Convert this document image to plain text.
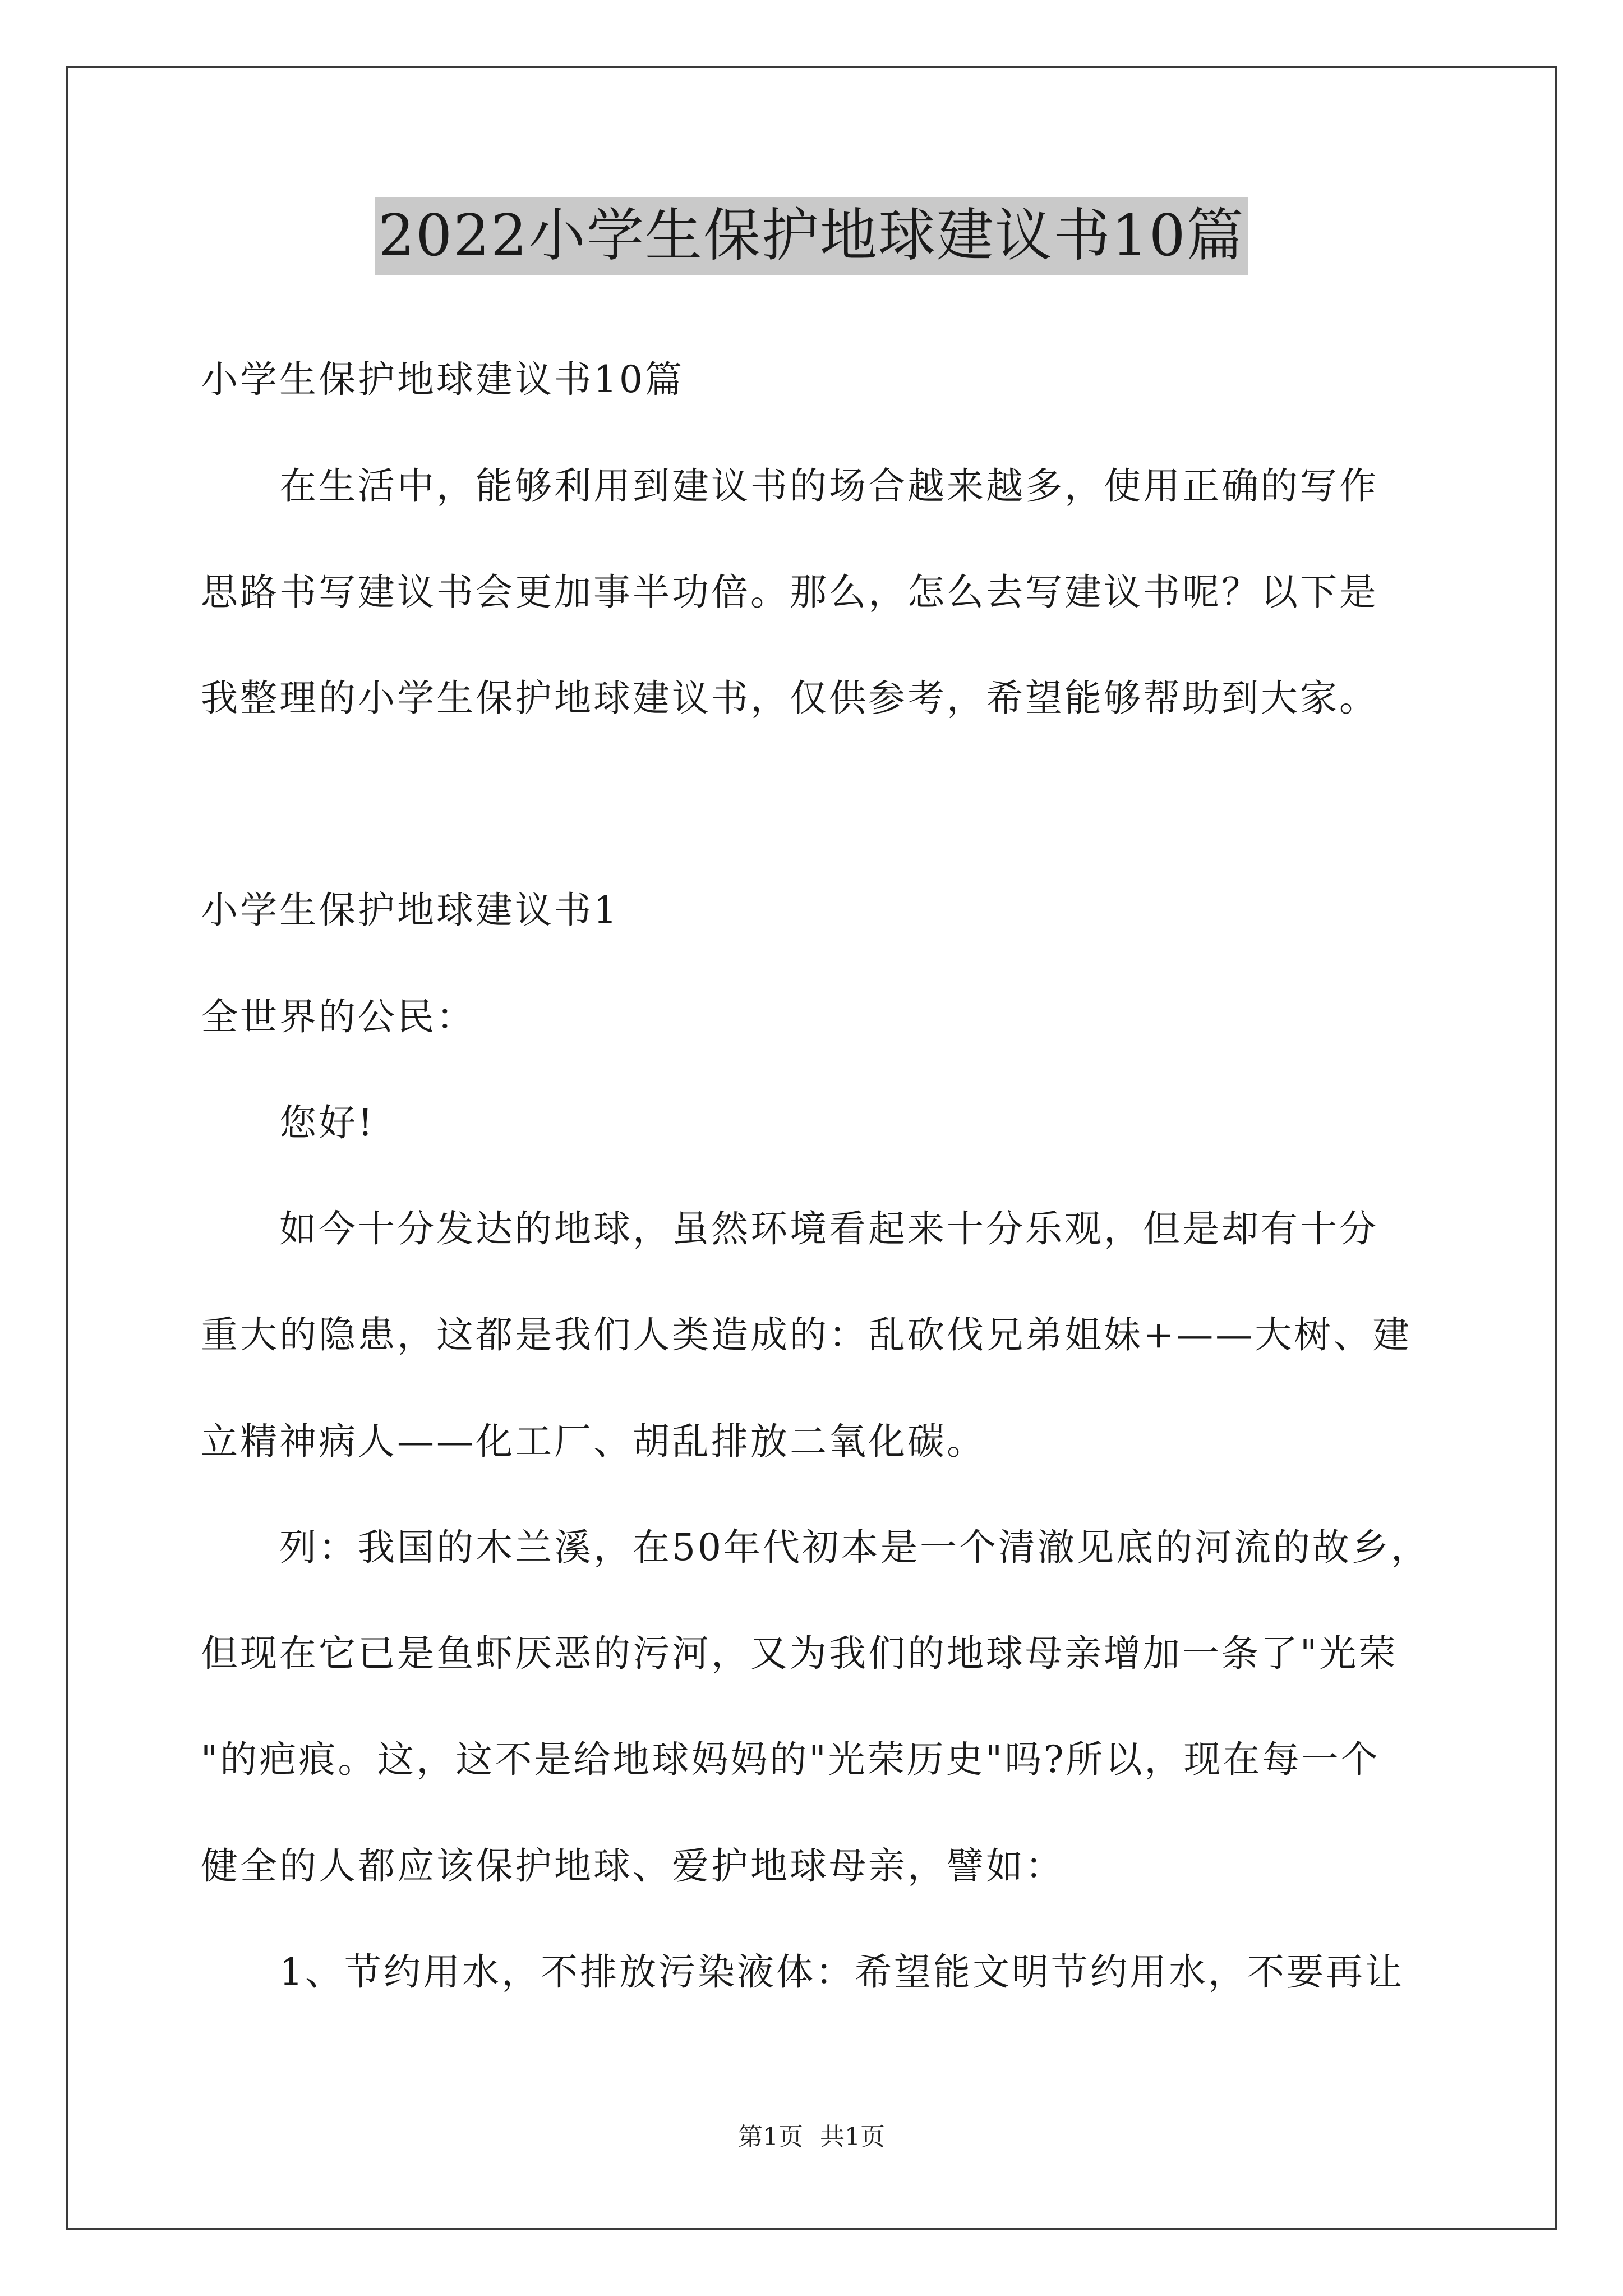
2022小学生保护地球建议书10篇
小学生保护地球建议书10篇
在生活中，能够利用到建议书的场合越来越多，使用正确的写作
思路书写建议书会更加事半功倍。那么，怎么去写建议书呢？以下是
我整理的小学生保护地球建议书，仅供参考，希望能够帮助到大家。
小学生保护地球建议书1
全世界的公民：
您好!
如今十分发达的地球，虽然环境看起来十分乐观，但是却有十分
重大的隐患，这都是我们人类造成的：乱砍伐兄弟姐妹+——大树、建
立精神病人——化工厂、胡乱排放二氧化碳。
列：我国的木兰溪，在50年代初本是一个清澈见底的河流的故乡，
但现在它已是鱼虾厌恶的污河，又为我们的地球母亲增加一条了"光荣
"的疤痕。这，这不是给地球妈妈的"光荣历史"吗?所以，现在每一个
健全的人都应该保护地球、爱护地球母亲，譬如：
1、节约用水，不排放污染液体：希望能文明节约用水，不要再让
第1页 共1页
